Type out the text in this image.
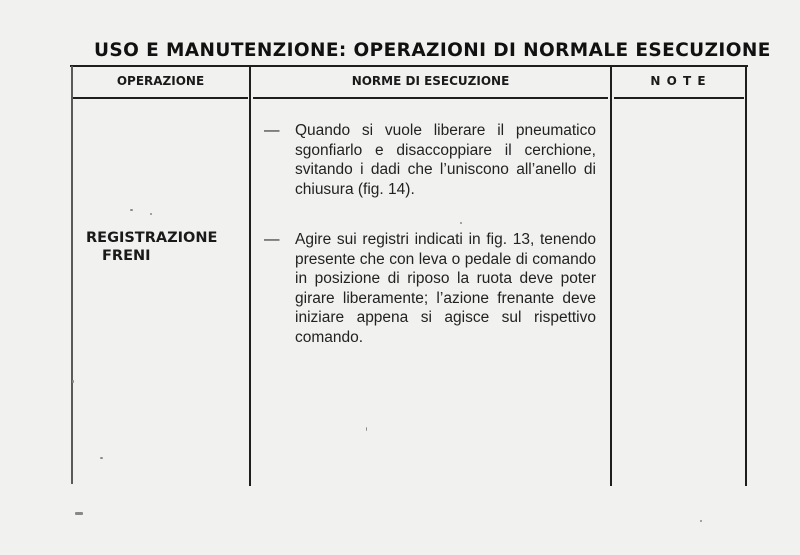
USO E MANUTENZIONE: OPERAZIONI DI NORMALE ESECUZIONE
OPERAZIONE	NORME DI ESECUZIONE	N O T E
REGISTRAZIONE
FRENI
— Quando si vuole liberare il pneumatico sgonfiarlo e disaccoppiare il cerchione, svitando i dadi che l’uniscono all’anello di chiusura (fig. 14).
— Agire sui registri indicati in fig. 13, tenendo presente che con leva o pedale di comando in posizione di riposo la ruota deve poter girare liberamente; l’azione frenante deve iniziare appena si agisce sul rispettivo comando.
